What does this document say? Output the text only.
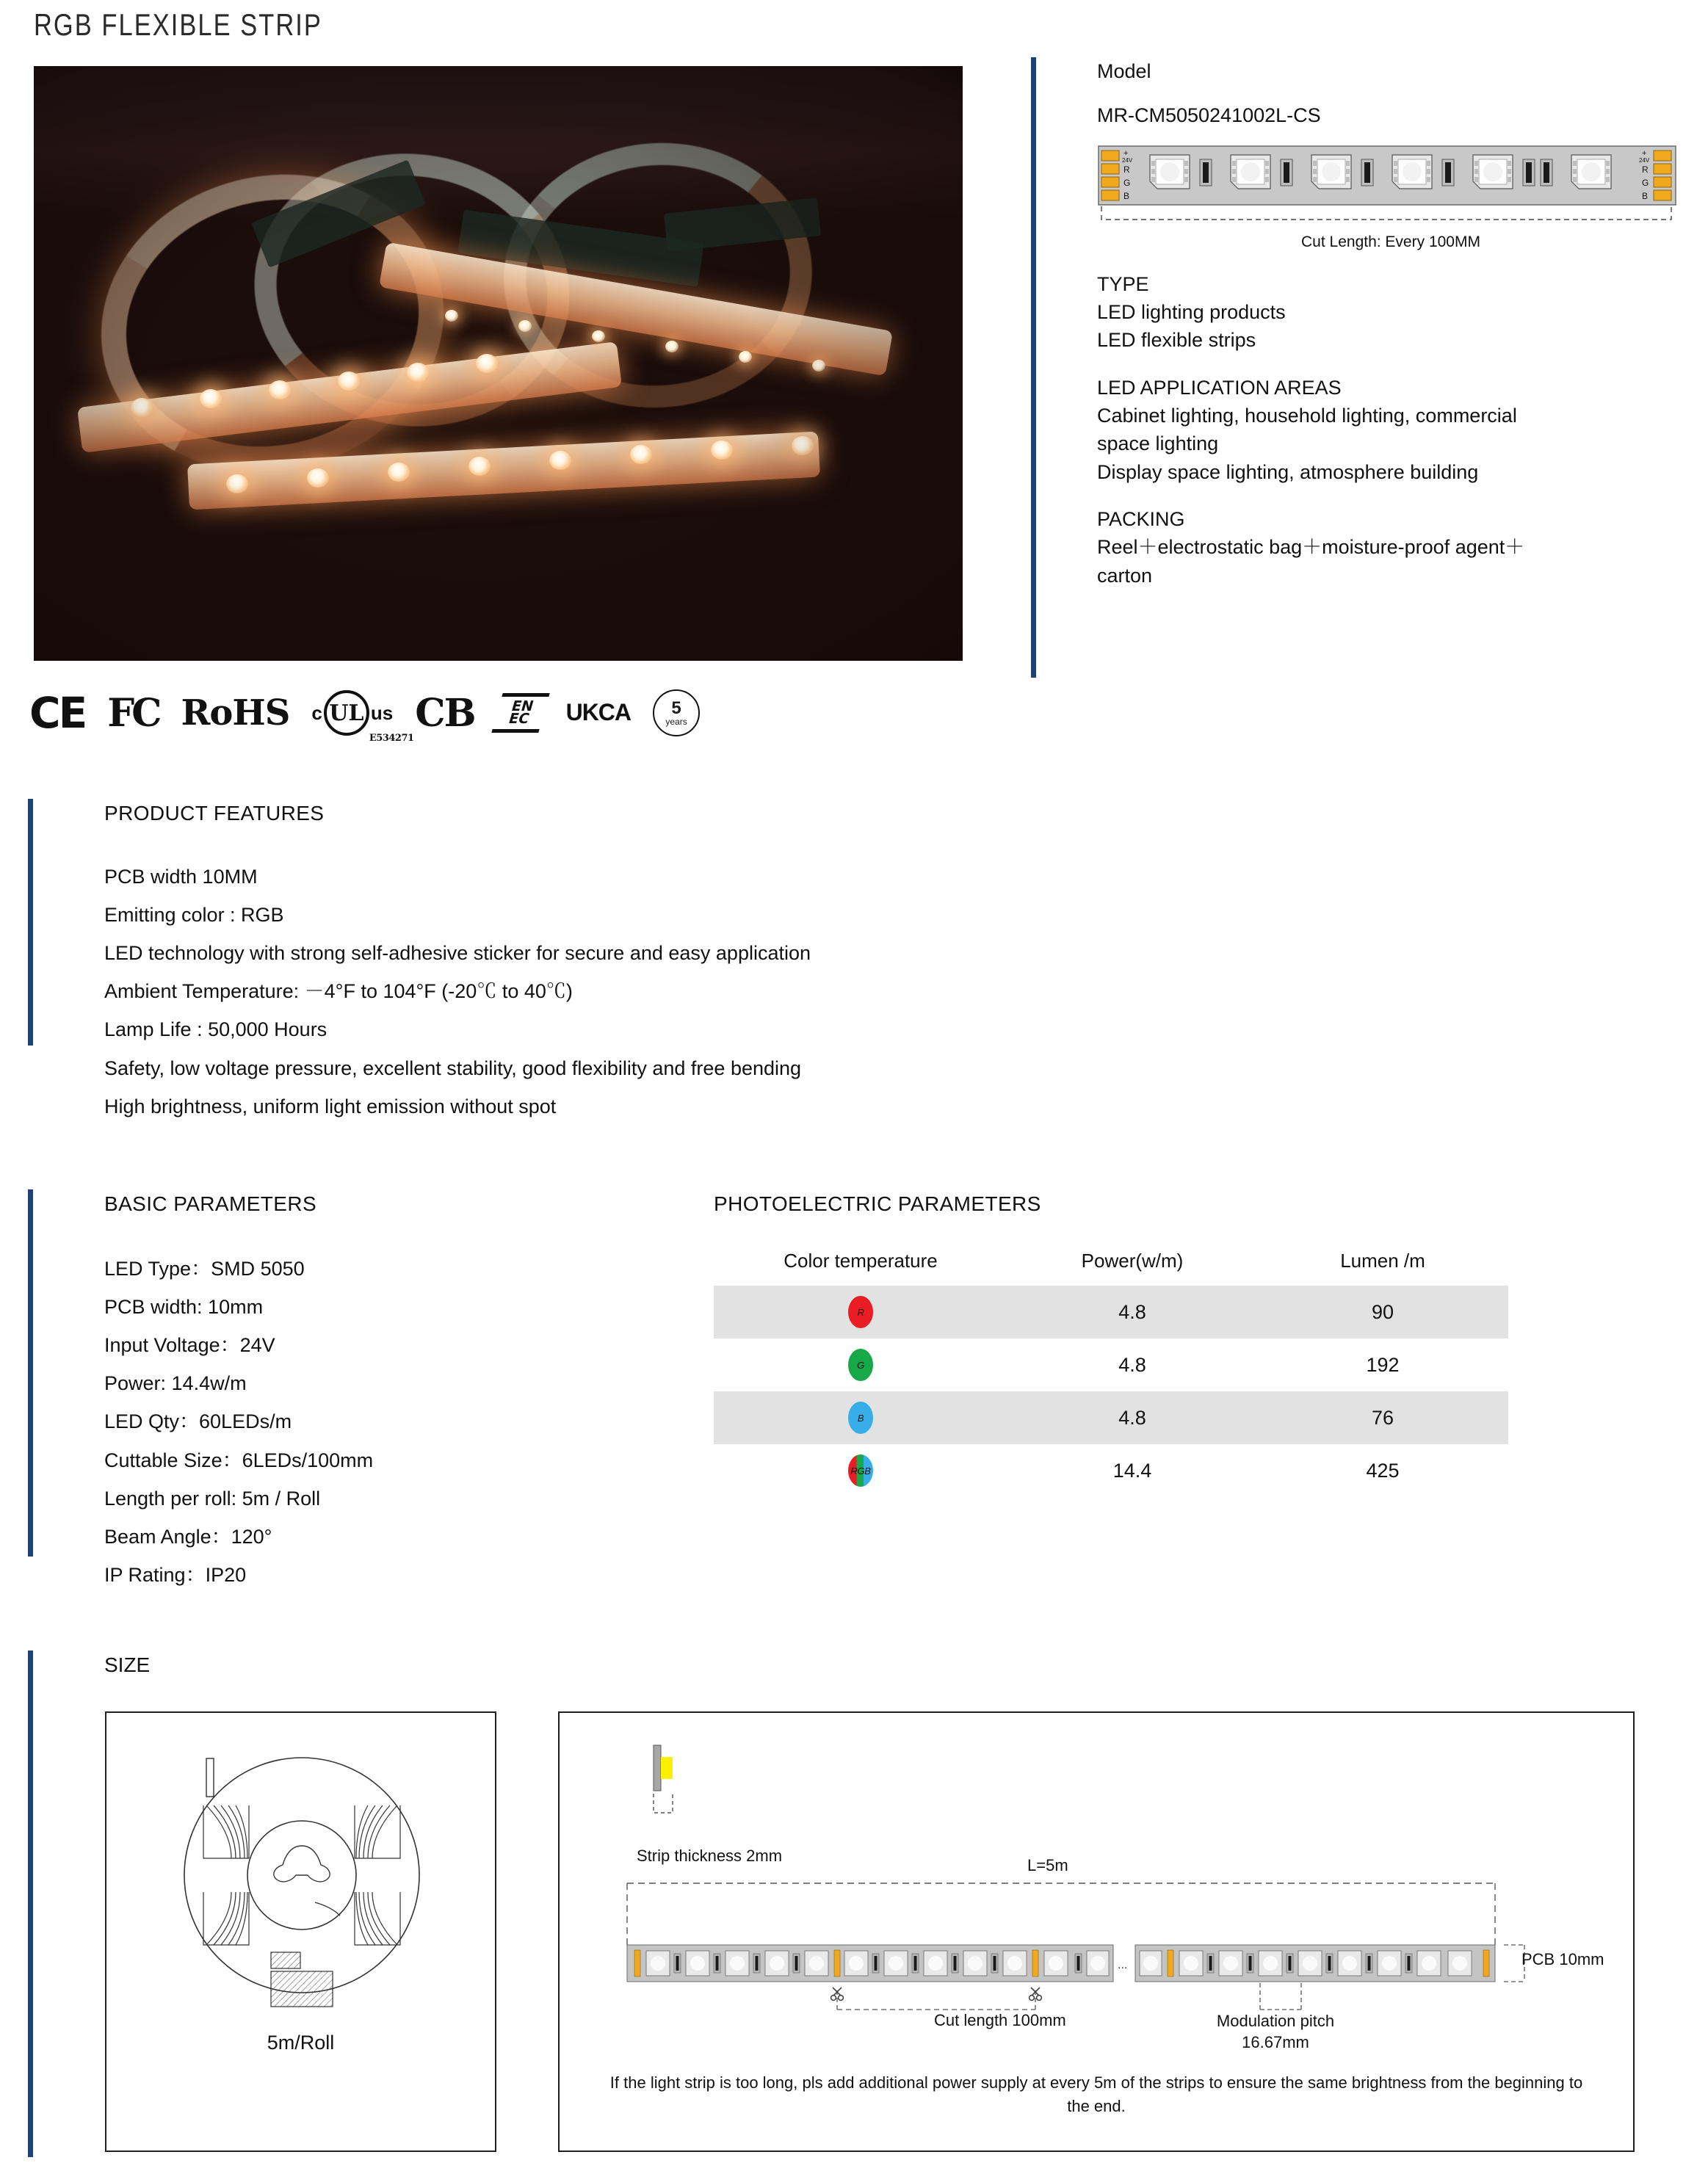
RGB FLEXIBLE STRIP
CE FC RoHS c UL
E534271
us CB EN
EC UK CA 5
years
Model
MR-CM5050241002L-CS
+
24V
R
G
B
+
24V
R
G
B
Cut Length: Every 100MM
TYPE
LED lighting products
LED flexible strips
LED APPLICATION AREAS
Cabinet lighting, household lighting, commercial
space lighting
Display space lighting, atmosphere building
PACKING
Reel＋electrostatic bag＋moisture-proof agent＋
carton
PRODUCT FEATURES
PCB width 10MM
Emitting color : RGB
LED technology with strong self-adhesive sticker for secure and easy application
Ambient Temperature: －4°F to 104°F (-20℃ to 40℃)
Lamp Life : 50,000 Hours
Safety, low voltage pressure, excellent stability, good flexibility and free bending
High brightness, uniform light emission without spot
BASIC PARAMETERS
LED Type：SMD 5050
PCB width: 10mm
Input Voltage：24V
Power: 14.4w/m
LED Qty：60LEDs/m
Cuttable Size：6LEDs/100mm
Length per roll: 5m / Roll
Beam Angle：120°
IP Rating：IP20
PHOTOELECTRIC PARAMETERS
Color temperature	Power(w/m)	Lumen /m

R	4.8	90

G	4.8	192

B	4.8	76

RGB	14.4	425
SIZE
5m/Roll
Strip thickness 2mm
L=5m
...
Cut length 100mm	Modulation pitch 16.67mm
PCB 10mm
If the light strip is too long, pls add additional power supply at every 5m of the strips to ensure the same brightness from the beginning to the end.
